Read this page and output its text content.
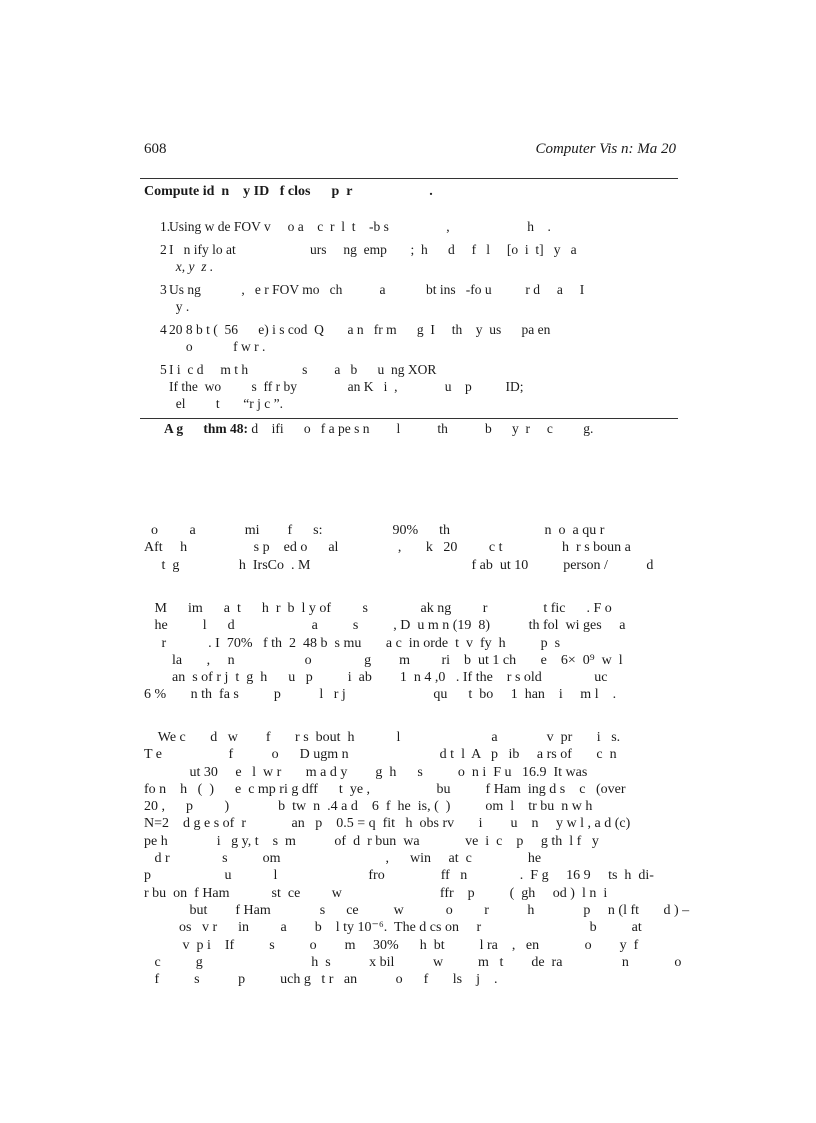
608	Computer Vis n: Ma 20
Compute id  n    y ID   f clos      p  r                      .
1.
Using w de FOV v     o a    c  r  l  t    -b s                 ,                       h    .
2 I   n ify lo at                      urs     ng  emp       ;  h      d     f   l     [o  i  t]   y   a
x, y  z .
3 Us ng            ,   e r FOV mo   ch           a            bt ins   -fo u          r d     a     I
y .
4 20 8 b t (  56      e) i s cod  Q       a n   fr m      g  I     th    y  us      pa en
o            f w r .
5 I i  c d     m t h                s        a   b      u  ng XOR
If the  wo         s  ff r by               an K   i  ,              u    p          ID;
el         t       “r j c ”.
A g      thm 48: d    ifi      o   f a pe s n        l           th           b      y  r     c         g.
o         a              mi        f      s:                    90%      th                           n  o  a qu r
Aft     h                   s p    ed o      al                 ,       k   20         c t                 h  r s boun a
t  g                 h  IrsCo  . M                                              f ab  ut 10          person /           d
M      im      a  t      h  r  b  l y of         s               ak ng         r                t fic      . F o
he          l      d                      a          s          , D  u m n (19  8)           th fol  wi ges     a
r            . I  70%   f th  2  48 b  s mu       a c  in orde  t  v  fy  h          p  s
la       ,     n                    o               g        m         ri    b  ut 1 ch       e    6×  0⁹  w  l
an  s of r j  t  g  h      u   p          i  ab        1  n 4 ,0   . If the    r s old               uc
6 %       n th  fa s          p           l   r j                         qu      t  bo     1  han    i     m l    .
We c       d   w        f       r s  bout  h            l                          a              v  pr       i   s.
T e                   f           o      D ugm n                          d t  l  A   p   ib     a rs of       c  n
ut 30     e   l  w r       m a d y        g  h      s          o  n i  F u   16.9  It was
fo n    h   (  )      e  c mp ri g dff      t  ye ,                   bu          f Ham  ing d s    c   (over
20 ,      p         )              b  tw  n  .4 a d    6  f  he  is, (  )          om  l    tr bu  n w h
N=2    d g e s of  r             an   p    0.5 = q  fit   h  obs rv       i        u    n     y w l , a d (c)
pe h              i   g y, t    s  m           of  d  r bun  wa             ve  i  c    p     g th  l f   y
d r               s          om                              ,      win     at  c                he
p                     u            l                          fro                ff   n               .  F g     16 9     ts  h  di-
r bu  on  f Ham            st  ce         w                            ffr    p          (  gh     od )  l n  i
but        f Ham              s      ce          w            o         r           h              p     n (l ft       d ) –
os   v r      in         a        b    l ty 10⁻⁶.  The d cs on     r                               b          at
v  p i    If          s          o        m     30%      h  bt          l ra    ,   en             o        y  f
c          g                               h  s           x bil           w          m   t        de  ra                 n             o
f          s           p          uch g   t r   an           o      f       ls    j    .
